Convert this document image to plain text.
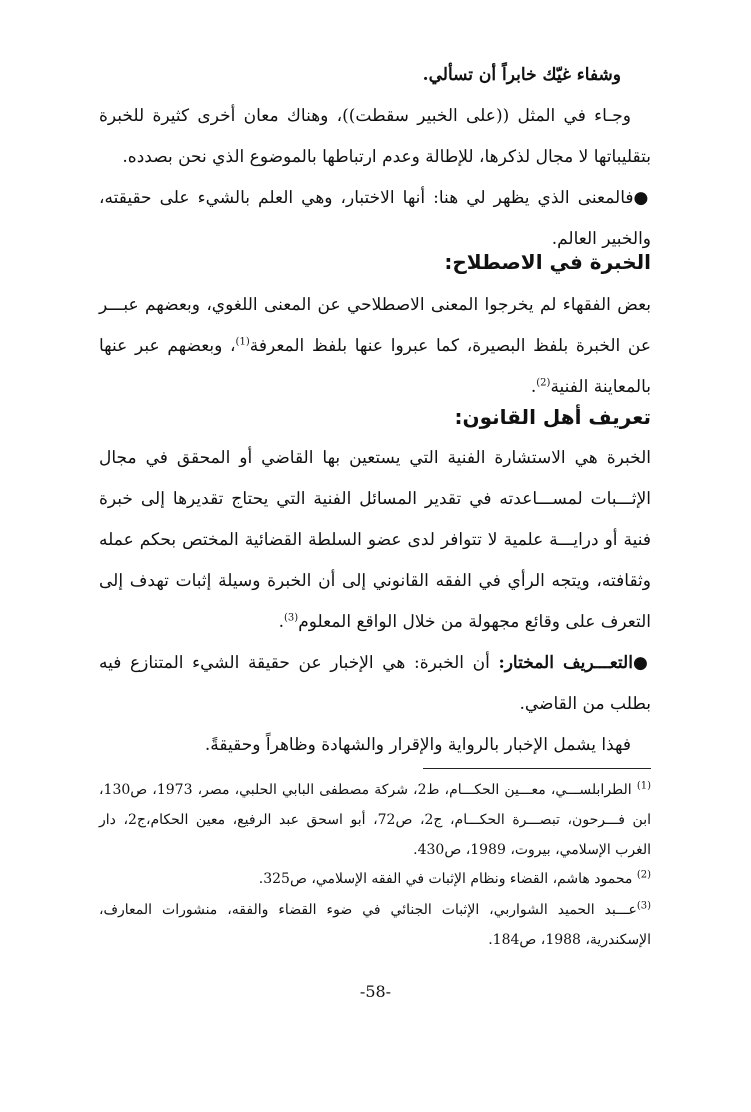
وشفاء غيّك خابراً أن تسألي.

وجـاء في المثل ((على الخبير سقطت))، وهناك معان أخرى كثيرة للخبرة بتقليباتها لا مجال لذكرها، للإطالة وعدم ارتباطها بالموضوع الذي نحن بصدده.

●فالمعنى الذي يظهر لي هنا: أنها الاختبار، وهي العلم بالشيء على حقيقته، والخبير العالم.

الخبرة في الاصطلاح:

بعض الفقهاء لم يخرجوا المعنى الاصطلاحي عن المعنى اللغوي، وبعضهم عبـــر عن الخبرة بلفظ البصيرة، كما عبروا عنها بلفظ المعرفة$^{(1)}$، وبعضهم عبر عنها بالمعاينة الفنية$^{(2)}$.

تعريف أهل القانون:

الخبرة هي الاستشارة الفنية التي يستعين بها القاضي أو المحقق في مجال الإثـــبات لمســـاعدته في تقدير المسائل الفنية التي يحتاج تقديرها إلى خبرة فنية أو درايـــة علمية لا تتوافر لدى عضو السلطة القضائية المختص بحكم عمله وثقافته، ويتجه الرأي في الفقه القانوني إلى أن الخبرة وسيلة إثبات تهدف إلى التعرف على وقائع مجهولة من خلال الواقع المعلوم$^{(3)}$.

●التعـــريف المختار: أن الخبرة: هي الإخبار عن حقيقة الشيء المتنازع فيه بطلب من القاضي.

فهذا يشمل الإخبار بالرواية والإقرار والشهادة وظاهراً وحقيقةً.

$^{(1)}$ الطرابلســـي، معـــين الحكـــام، ط2، شركة مصطفى البابي الحلبي، مصر، 1973، ص130، ابن فـــرحون، تبصـــرة الحكـــام، ج2، ص72، أبو اسحق عبد الرفيع، معين الحكام،ج2، دار الغرب الإسلامي، بيروت، 1989، ص430.

$^{(2)}$ محمود هاشم، القضاء ونظام الإثبات في الفقه الإسلامي، ص325.

$^{(3)}$عـــبد الحميد الشواربي، الإثبات الجنائي في ضوء القضاء والفقه، منشورات المعارف، الإسكندرية، 1988، ص184.

-58-
